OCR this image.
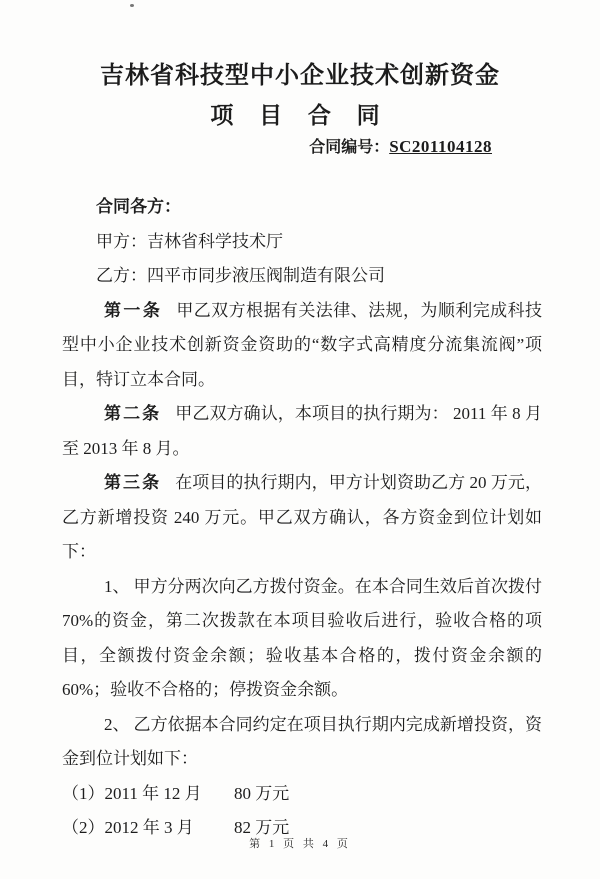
吉林省科技型中小企业技术创新资金
项 目 合 同
合同编号：SC201104128

合同各方：

甲方：吉林省科学技术厅

乙方：四平市同步液压阀制造有限公司

第一条 甲乙双方根据有关法律、法规，为顺利完成科技型中小企业技术创新资金资助的“数字式高精度分流集流阀”项目，特订立本合同。

第二条 甲乙双方确认，本项目的执行期为： 2011 年 8 月 至 2013 年 8 月。

第三条 在项目的执行期内，甲方计划资助乙方 20 万元，乙方新增投资 240 万元。甲乙双方确认，各方资金到位计划如下：

1、 甲方分两次向乙方拨付资金。在本合同生效后首次拨付 70%的资金，第二次拨款在本项目验收后进行，验收合格的项目，全额拨付资金余额；验收基本合格的，拨付资金余额的 60%；验收不合格的；停拨资金余额。

2、 乙方依据本合同约定在项目执行期内完成新增投资，资金到位计划如下：

（1）2011 年 12 月 80 万元

（2）2012 年 3 月 82 万元

第 1 页 共 4 页
